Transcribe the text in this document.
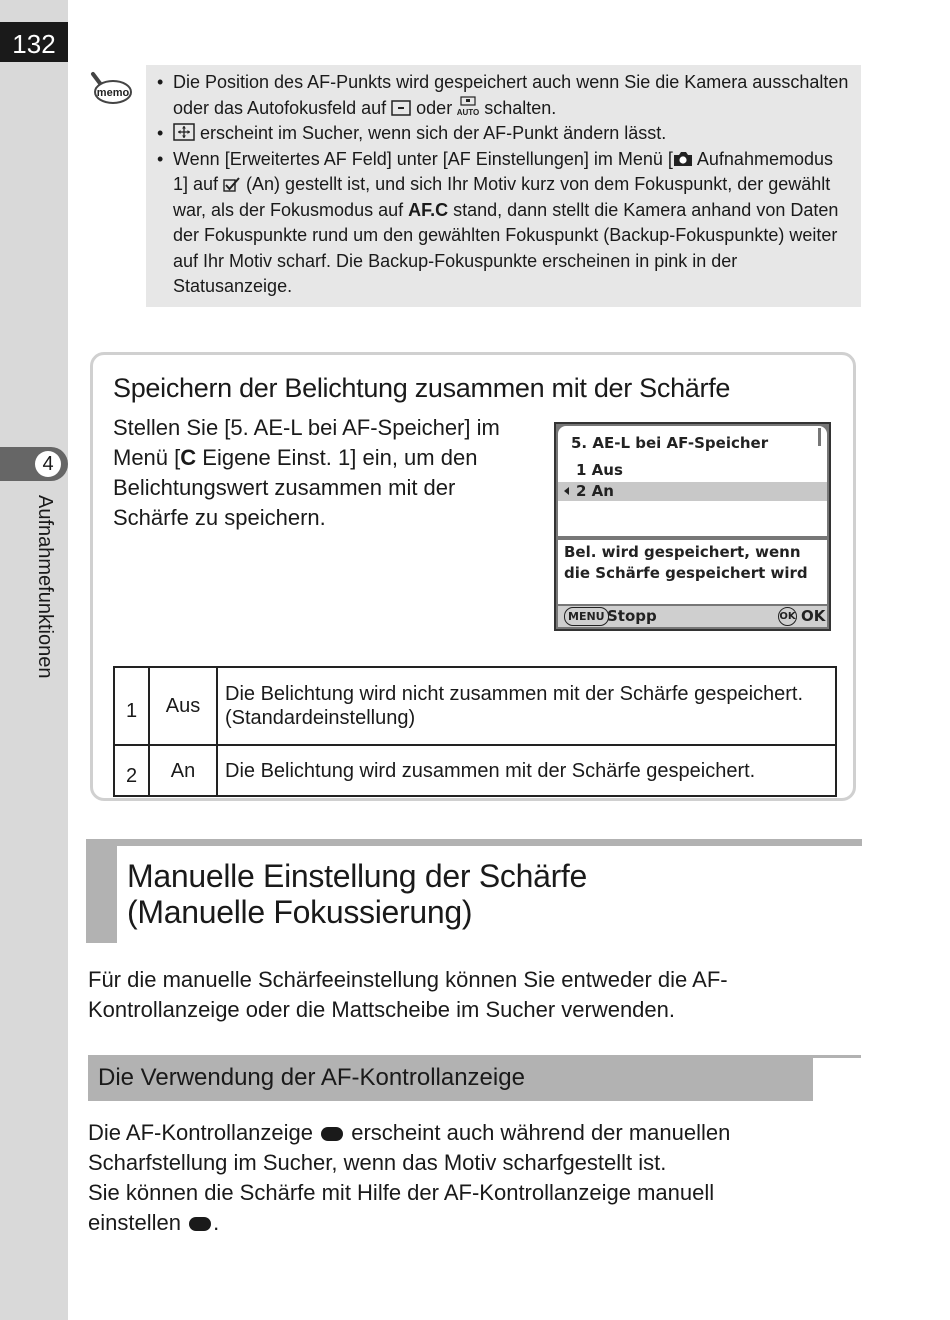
132
4
Aufnahmefunktionen
memo
• Die Position des AF-Punkts wird gespeichert auch wenn Sie die Kamera ausschalten oder das Autofokusfeld auf  oder AUTO schalten.
• erscheint im Sucher, wenn sich der AF-Punkt ändern lässt.
• Wenn [Erweitertes AF Feld] unter [AF Einstellungen] im Menü [ Aufnahmemodus 1] auf  (An) gestellt ist, und sich Ihr Motiv kurz von dem Fokuspunkt, der gewählt war, als der Fokusmodus auf AF.C stand, dann stellt die Kamera anhand von Daten der Fokuspunkte rund um den gewählten Fokuspunkt (Backup-Fokuspunkte) weiter auf Ihr Motiv scharf. Die Backup-Fokuspunkte erscheinen in pink in der Statusanzeige.
Speichern der Belichtung zusammen mit der Schärfe
Stellen Sie [5. AE-L bei AF-Speicher] im Menü [C Eigene Einst. 1] ein, um den Belichtungswert zusammen mit der Schärfe zu speichern.
5. AE-L bei AF-Speicher
1 Aus
2 An
Bel. wird gespeichert, wenn die Schärfe gespeichert wird
MENU Stopp	OK OK
1	Aus	Die Belichtung wird nicht zusammen mit der Schärfe gespeichert. (Standardeinstellung)
2	An	Die Belichtung wird zusammen mit der Schärfe gespeichert.
Manuelle Einstellung der Schärfe
(Manuelle Fokussierung)
Für die manuelle Schärfeeinstellung können Sie entweder die AF-Kontrollanzeige oder die Mattscheibe im Sucher verwenden.
Die Verwendung der AF-Kontrollanzeige
Die AF-Kontrollanzeige  erscheint auch während der manuellen Scharfstellung im Sucher, wenn das Motiv scharfgestellt ist.
Sie können die Schärfe mit Hilfe der AF-Kontrollanzeige manuell einstellen .
